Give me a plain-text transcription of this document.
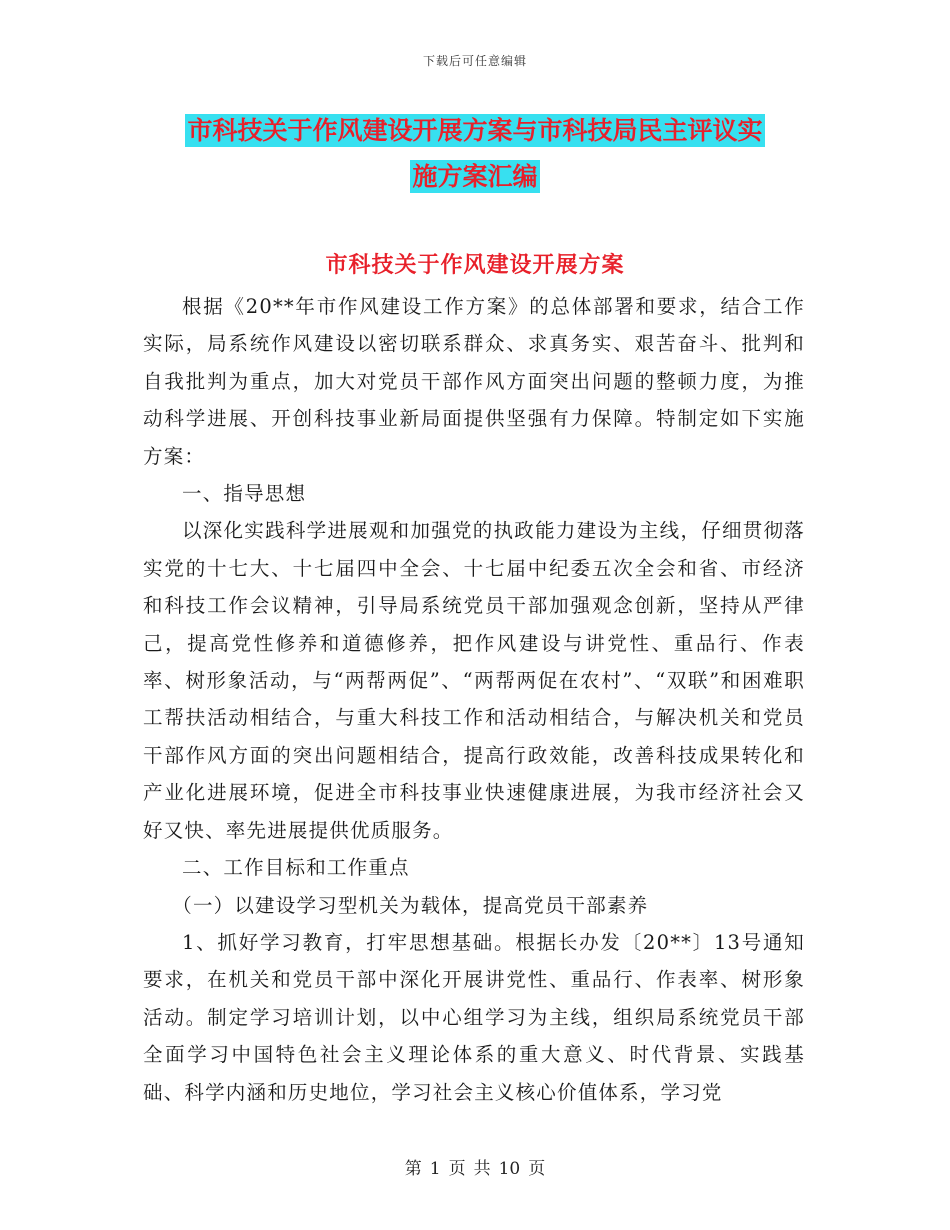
下载后可任意编辑
市科技关于作风建设开展方案与市科技局民主评议实
施方案汇编
市科技关于作风建设开展方案

根据《20**年市作风建设工作方案》的总体部署和要求，结合工作实际，局系统作风建设以密切联系群众、求真务实、艰苦奋斗、批判和自我批判为重点，加大对党员干部作风方面突出问题的整顿力度，为推动科学进展、开创科技事业新局面提供坚强有力保障。特制定如下实施方案：

一、指导思想

以深化实践科学进展观和加强党的执政能力建设为主线，仔细贯彻落实党的十七大、十七届四中全会、十七届中纪委五次全会和省、市经济和科技工作会议精神，引导局系统党员干部加强观念创新，坚持从严律己，提高党性修养和道德修养，把作风建设与讲党性、重品行、作表率、树形象活动，与“两帮两促”、“两帮两促在农村”、“双联”和困难职工帮扶活动相结合，与重大科技工作和活动相结合，与解决机关和党员干部作风方面的突出问题相结合，提高行政效能，改善科技成果转化和产业化进展环境，促进全市科技事业快速健康进展，为我市经济社会又好又快、率先进展提供优质服务。

二、工作目标和工作重点

（一）以建设学习型机关为载体，提高党员干部素养

1、抓好学习教育，打牢思想基础。根据长办发〔20**〕13号通知要求，在机关和党员干部中深化开展讲党性、重品行、作表率、树形象活动。制定学习培训计划，以中心组学习为主线，组织局系统党员干部全面学习中国特色社会主义理论体系的重大意义、时代背景、实践基础、科学内涵和历史地位，学习社会主义核心价值体系，学习党

第 1 页 共 10 页
